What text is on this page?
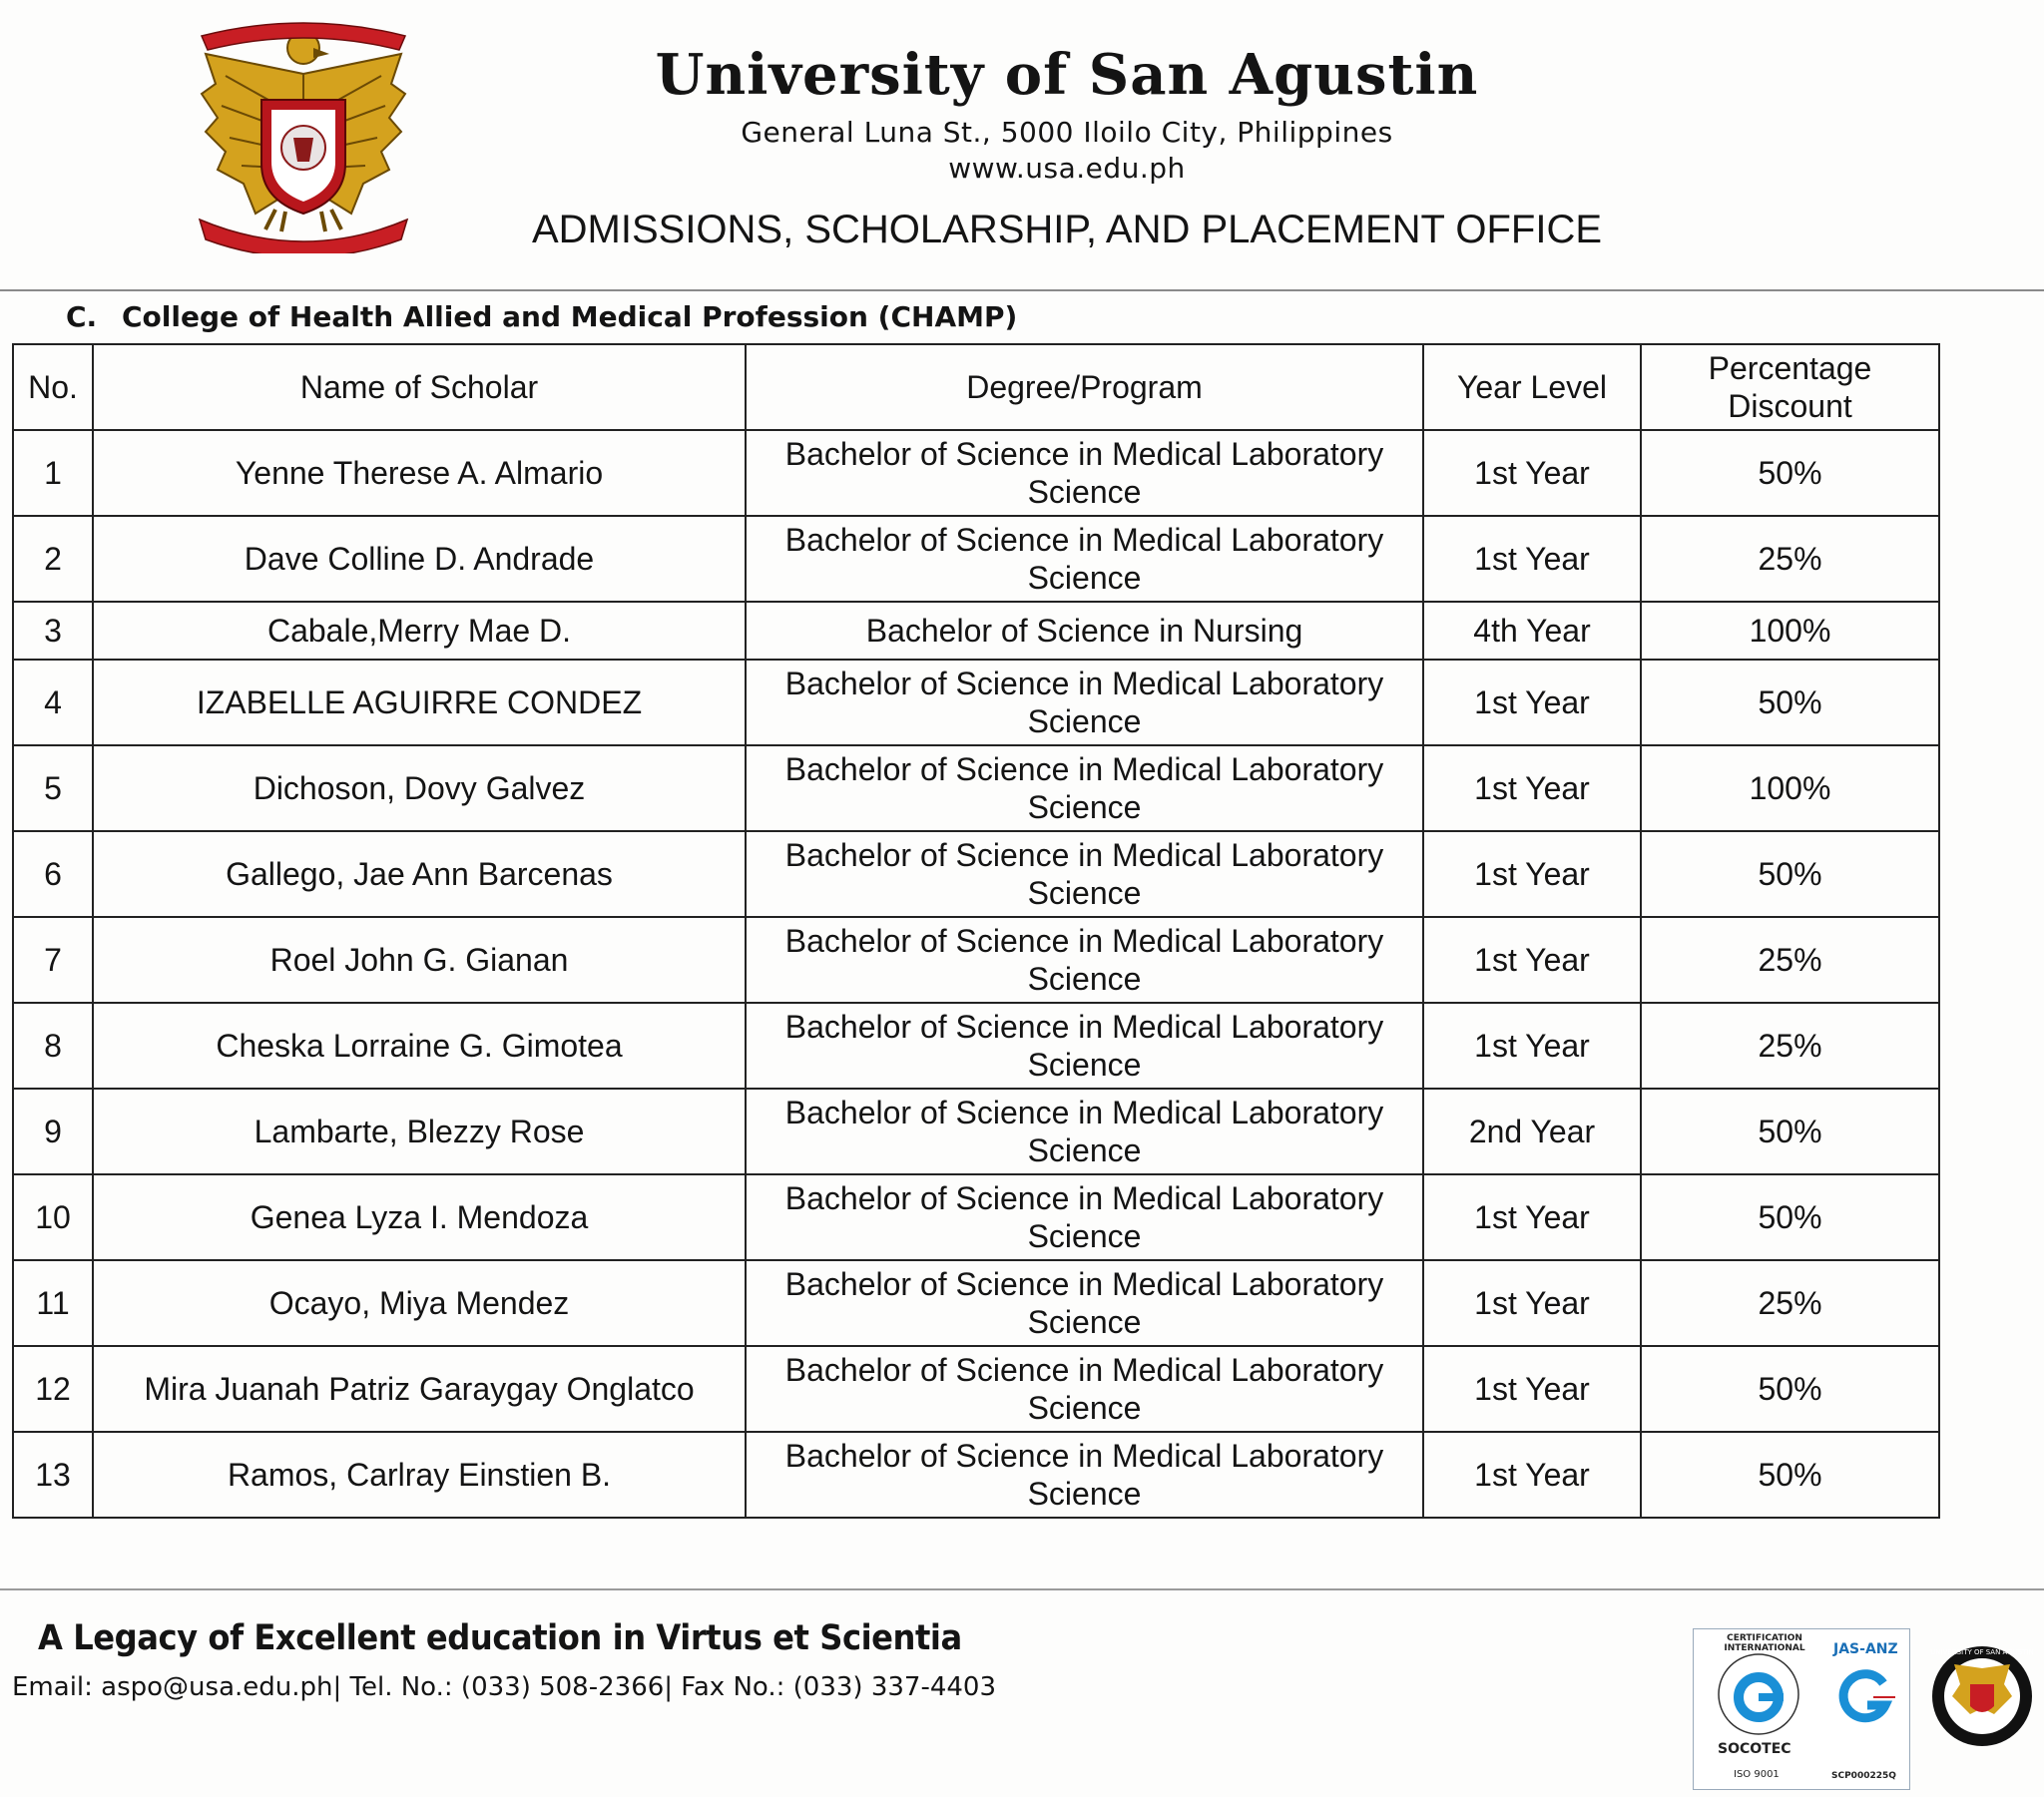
University of San Agustin
General Luna St., 5000 Iloilo City, Philippines
www.usa.edu.ph
ADMISSIONS, SCHOLARSHIP, AND PLACEMENT OFFICE
C. College of Health Allied and Medical Profession (CHAMP)
No.	Name of Scholar	Degree/Program	Year Level	Percentage Discount
1	Yenne Therese A. Almario	Bachelor of Science in Medical Laboratory Science	1st Year	50%
2	Dave Colline D. Andrade	Bachelor of Science in Medical Laboratory Science	1st Year	25%
3	Cabale,Merry Mae D.	Bachelor of Science in Nursing	4th Year	100%
4	IZABELLE AGUIRRE CONDEZ	Bachelor of Science in Medical Laboratory Science	1st Year	50%
5	Dichoson, Dovy Galvez	Bachelor of Science in Medical Laboratory Science	1st Year	100%
6	Gallego, Jae Ann Barcenas	Bachelor of Science in Medical Laboratory Science	1st Year	50%
7	Roel John G. Gianan	Bachelor of Science in Medical Laboratory Science	1st Year	25%
8	Cheska Lorraine G. Gimotea	Bachelor of Science in Medical Laboratory Science	1st Year	25%
9	Lambarte, Blezzy Rose	Bachelor of Science in Medical Laboratory Science	2nd Year	50%
10	Genea Lyza I. Mendoza	Bachelor of Science in Medical Laboratory Science	1st Year	50%
11	Ocayo, Miya Mendez	Bachelor of Science in Medical Laboratory Science	1st Year	25%
12	Mira Juanah Patriz Garaygay Onglatco	Bachelor of Science in Medical Laboratory Science	1st Year	50%
13	Ramos, Carlray Einstien B.	Bachelor of Science in Medical Laboratory Science	1st Year	50%
A Legacy of Excellent education in Virtus et Scientia
Email: aspo@usa.edu.ph| Tel. No.: (033) 508-2366| Fax No.: (033) 337-4403
CERTIFICATION INTERNATIONAL
SOCOTEC
ISO 9001
JAS-ANZ
SCP000225Q
UNIVERSITY OF SAN AGUSTIN
